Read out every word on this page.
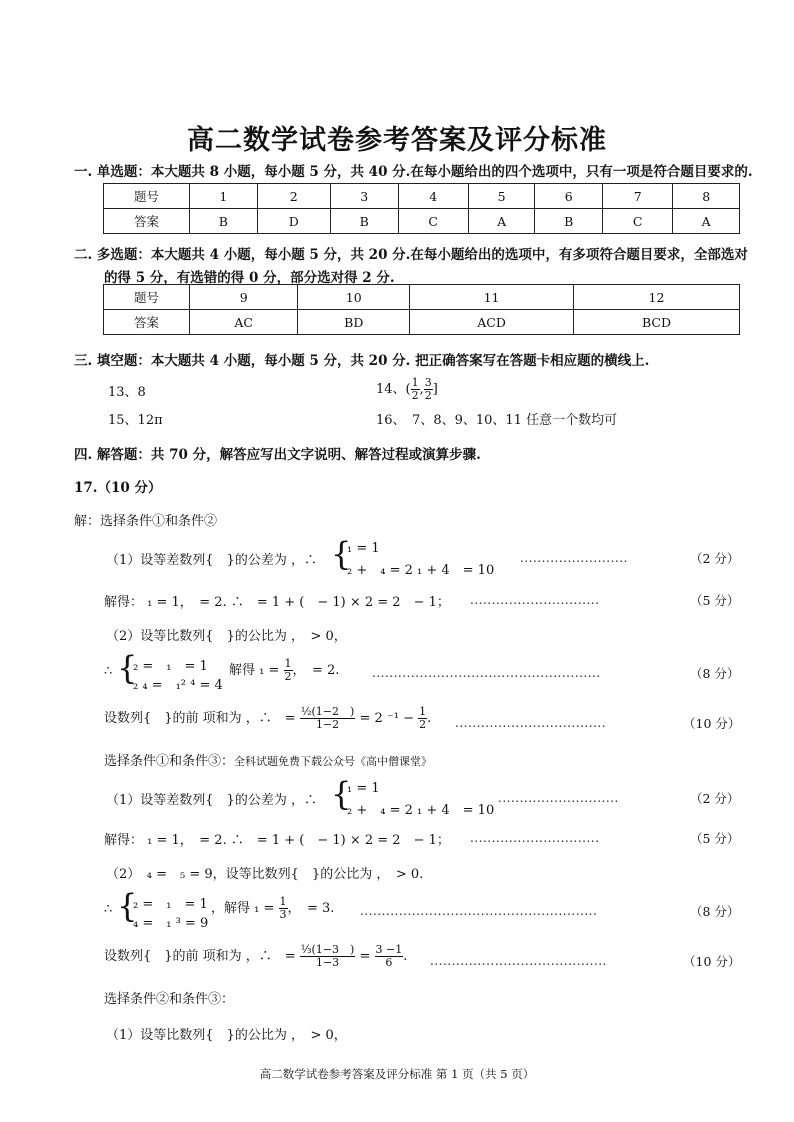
高二数学试卷参考答案及评分标准
一. 单选题：本大题共 8 小题，每小题 5 分，共 40 分.在每小题给出的四个选项中，只有一项是符合题目要求的.
题号	1	2	3	4	5	6	7	8
答案	B	D	B	C	A	B	C	A
二. 多选题：本大题共 4 小题，每小题 5 分，共 20 分.在每小题给出的选项中，有多项符合题目要求，全部选对
的得 5 分，有选错的得 0 分，部分选对得 2 分.
题号	9	10	11	12
答案	AC	BD	ACD	BCD
三. 填空题：本大题共 4 小题，每小题 5 分，共 20 分. 把正确答案写在答题卡相应题的横线上.
13、8	14、( $\frac{1}{2}$ , $\frac{3}{2}$ ]
15、12π	16、　7、8、9、10、11 任意一个数均可
四. 解答题：共 70 分，解答应写出文字说明、解答过程或演算步骤.
17.（10 分）
解：选择条件①和条件②
（1）设等差数列{　}的公差为 ，∴ {
₁ = 1
₂ +　₄ = 2 ₁ + 4　= 10
.........................	（2 分）
解得： ₁ = 1，　= 2. ∴　= 1 + (　− 1) × 2 = 2　− 1； ..............................	（5 分）
（2）设等比数列{　}的公比为 ，　> 0，
∴ {
₂ =　₁　= 1
₂ ₄ =　₁² ⁴ = 4
解得 $_1 = \frac{1}{2}$ ，　= 2.	.....................................................	（8 分）
设数列{　}的前 项和为 ，∴　= $\frac{\text{½(1−2　)}}{1-2} = 2$ $^{-1} - \frac{1}{2}$ . ...................................	（10 分）
选择条件①和条件③：全科试题免费下载公众号《高中僧课堂》
（1）设等差数列{　}的公差为 ，∴ {
₁ = 1
₂ +　₄ = 2 ₁ + 4　= 10
............................	（2 分）
解得： ₁ = 1，　= 2. ∴　= 1 + (　− 1) × 2 = 2　− 1； ..............................	（5 分）
（2）　₄ =　₅ = 9，设等比数列{　}的公比为 ，　> 0.
∴ {
₂ =　₁　= 1
₄ =　₁ ³ = 9
，解得 $_1 = \frac{1}{3}$ ，　= 3. .......................................................	（8 分）
设数列{　}的前 项和为 ，∴　= $\frac{\text{⅓(1−3　)}}{1-3} = \frac{3 -1}{6}$ . .........................................	（10 分）
选择条件②和条件③：
（1）设等比数列{　}的公比为 ，　> 0，
高二数学试卷参考答案及评分标准 第 1 页（共 5 页）
